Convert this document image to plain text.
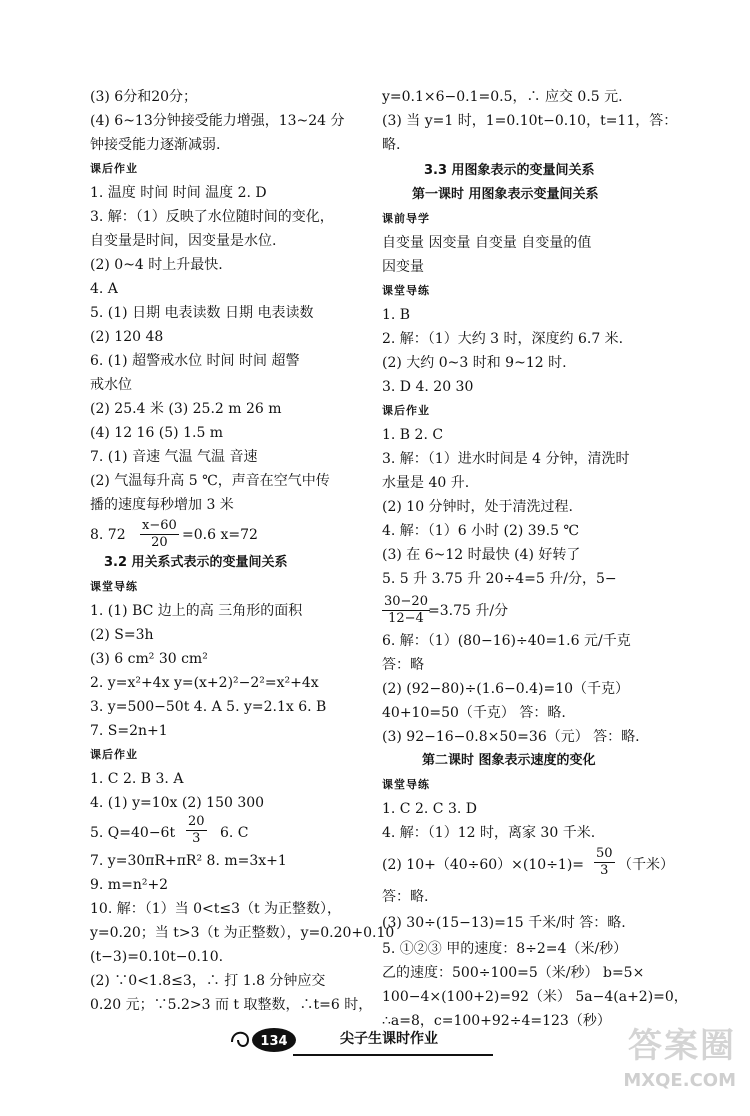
(3) 6分和20分；
(4) 6~13分钟接受能力增强，13~24 分
钟接受能力逐渐减弱.
课后作业
1. 温度 时间 时间 温度 2. D
3. 解：（1）反映了水位随时间的变化，
自变量是时间，因变量是水位.
(2) 0~4 时上升最快.
4. A
5. (1) 日期 电表读数 日期 电表读数
(2) 120 48
6. (1) 超警戒水位 时间 时间 超警
戒水位
(2) 25.4 米 (3) 25.2 m 26 m
(4) 12 16 (5) 1.5 m
7. (1) 音速 气温 气温 音速
(2) 气温每升高 5 ℃，声音在空气中传
播的速度每秒增加 3 米
8. $72 \frac{x-60}{20} =0.6$ x=72
3.2 用关系式表示的变量间关系
课堂导练
1. (1) BC 边上的高 三角形的面积
(2) S=3h
(3) 6 cm² 30 cm²
2. y=x²+4x y=(x+2)²−2²=x²+4x
3. y=500−50t 4. A 5. y=2.1x 6. B
7. S=2n+1
课后作业
1. C 2. B 3. A
4. (1) y=10x (2) 150 300
5. $Q=40-6t \frac{20}{3} 6$. C
7. y=30πR+πR² 8. m=3x+1
9. m=n²+2
10. 解：（1）当 0<t≤3（t 为正整数），
y=0.20；当 t>3（t 为正整数），y=0.20+0.10
(t−3)=0.10t−0.10.
(2) ∵0<1.8≤3，∴ 打 1.8 分钟应交
0.20 元；∵5.2>3 而 t 取整数，∴t=6 时，
y=0.1×6−0.1=0.5，∴ 应交 0.5 元.
(3) 当 y=1 时，1=0.10t−0.10，t=11，答：
略.
3.3 用图象表示的变量间关系
第一课时 用图象表示变量间关系
课前导学
自变量 因变量 自变量 自变量的值
因变量
课堂导练
1. B
2. 解：（1）大约 3 时，深度约 6.7 米.
(2) 大约 0~3 时和 9~12 时.
3. D 4. 20 30
课后作业
1. B 2. C
3. 解：（1）进水时间是 4 分钟，清洗时
水量是 40 升.
(2) 10 分钟时，处于清洗过程.
4. 解：（1）6 小时 (2) 39.5 ℃
(3) 在 6~12 时最快 (4) 好转了
5. 5 升 3.75 升 20÷4=5 升/分，5−
$\frac{30-20}{12-4}$
=3.75 升/分
6. 解：（1）(80−16)÷40=1.6 元/千克
答：略
(2) (92−80)÷(1.6−0.4)=10（千克）
40+10=50（千克） 答：略.
(3) 92−16−0.8×50=36（元） 答：略.
第二课时 图象表示速度的变化
课堂导练
1. C 2. C 3. D
4. 解：（1）12 时，离家 30 千米.
(2) $10+(40\div 60)\times(10\div 1)= \frac{50}{3}$ （千米）
答：略.
(3) 30÷(15−13)=15 千米/时 答：略.
5. ①②③ 甲的速度：8÷2=4（米/秒）
乙的速度：500÷100=5（米/秒） b=5×
100−4×(100+2)=92（米） 5a−4(a+2)=0，
∴a=8，c=100+92÷4=123（秒）
134	尖子生课时作业	答案圈
MXQE.COM
